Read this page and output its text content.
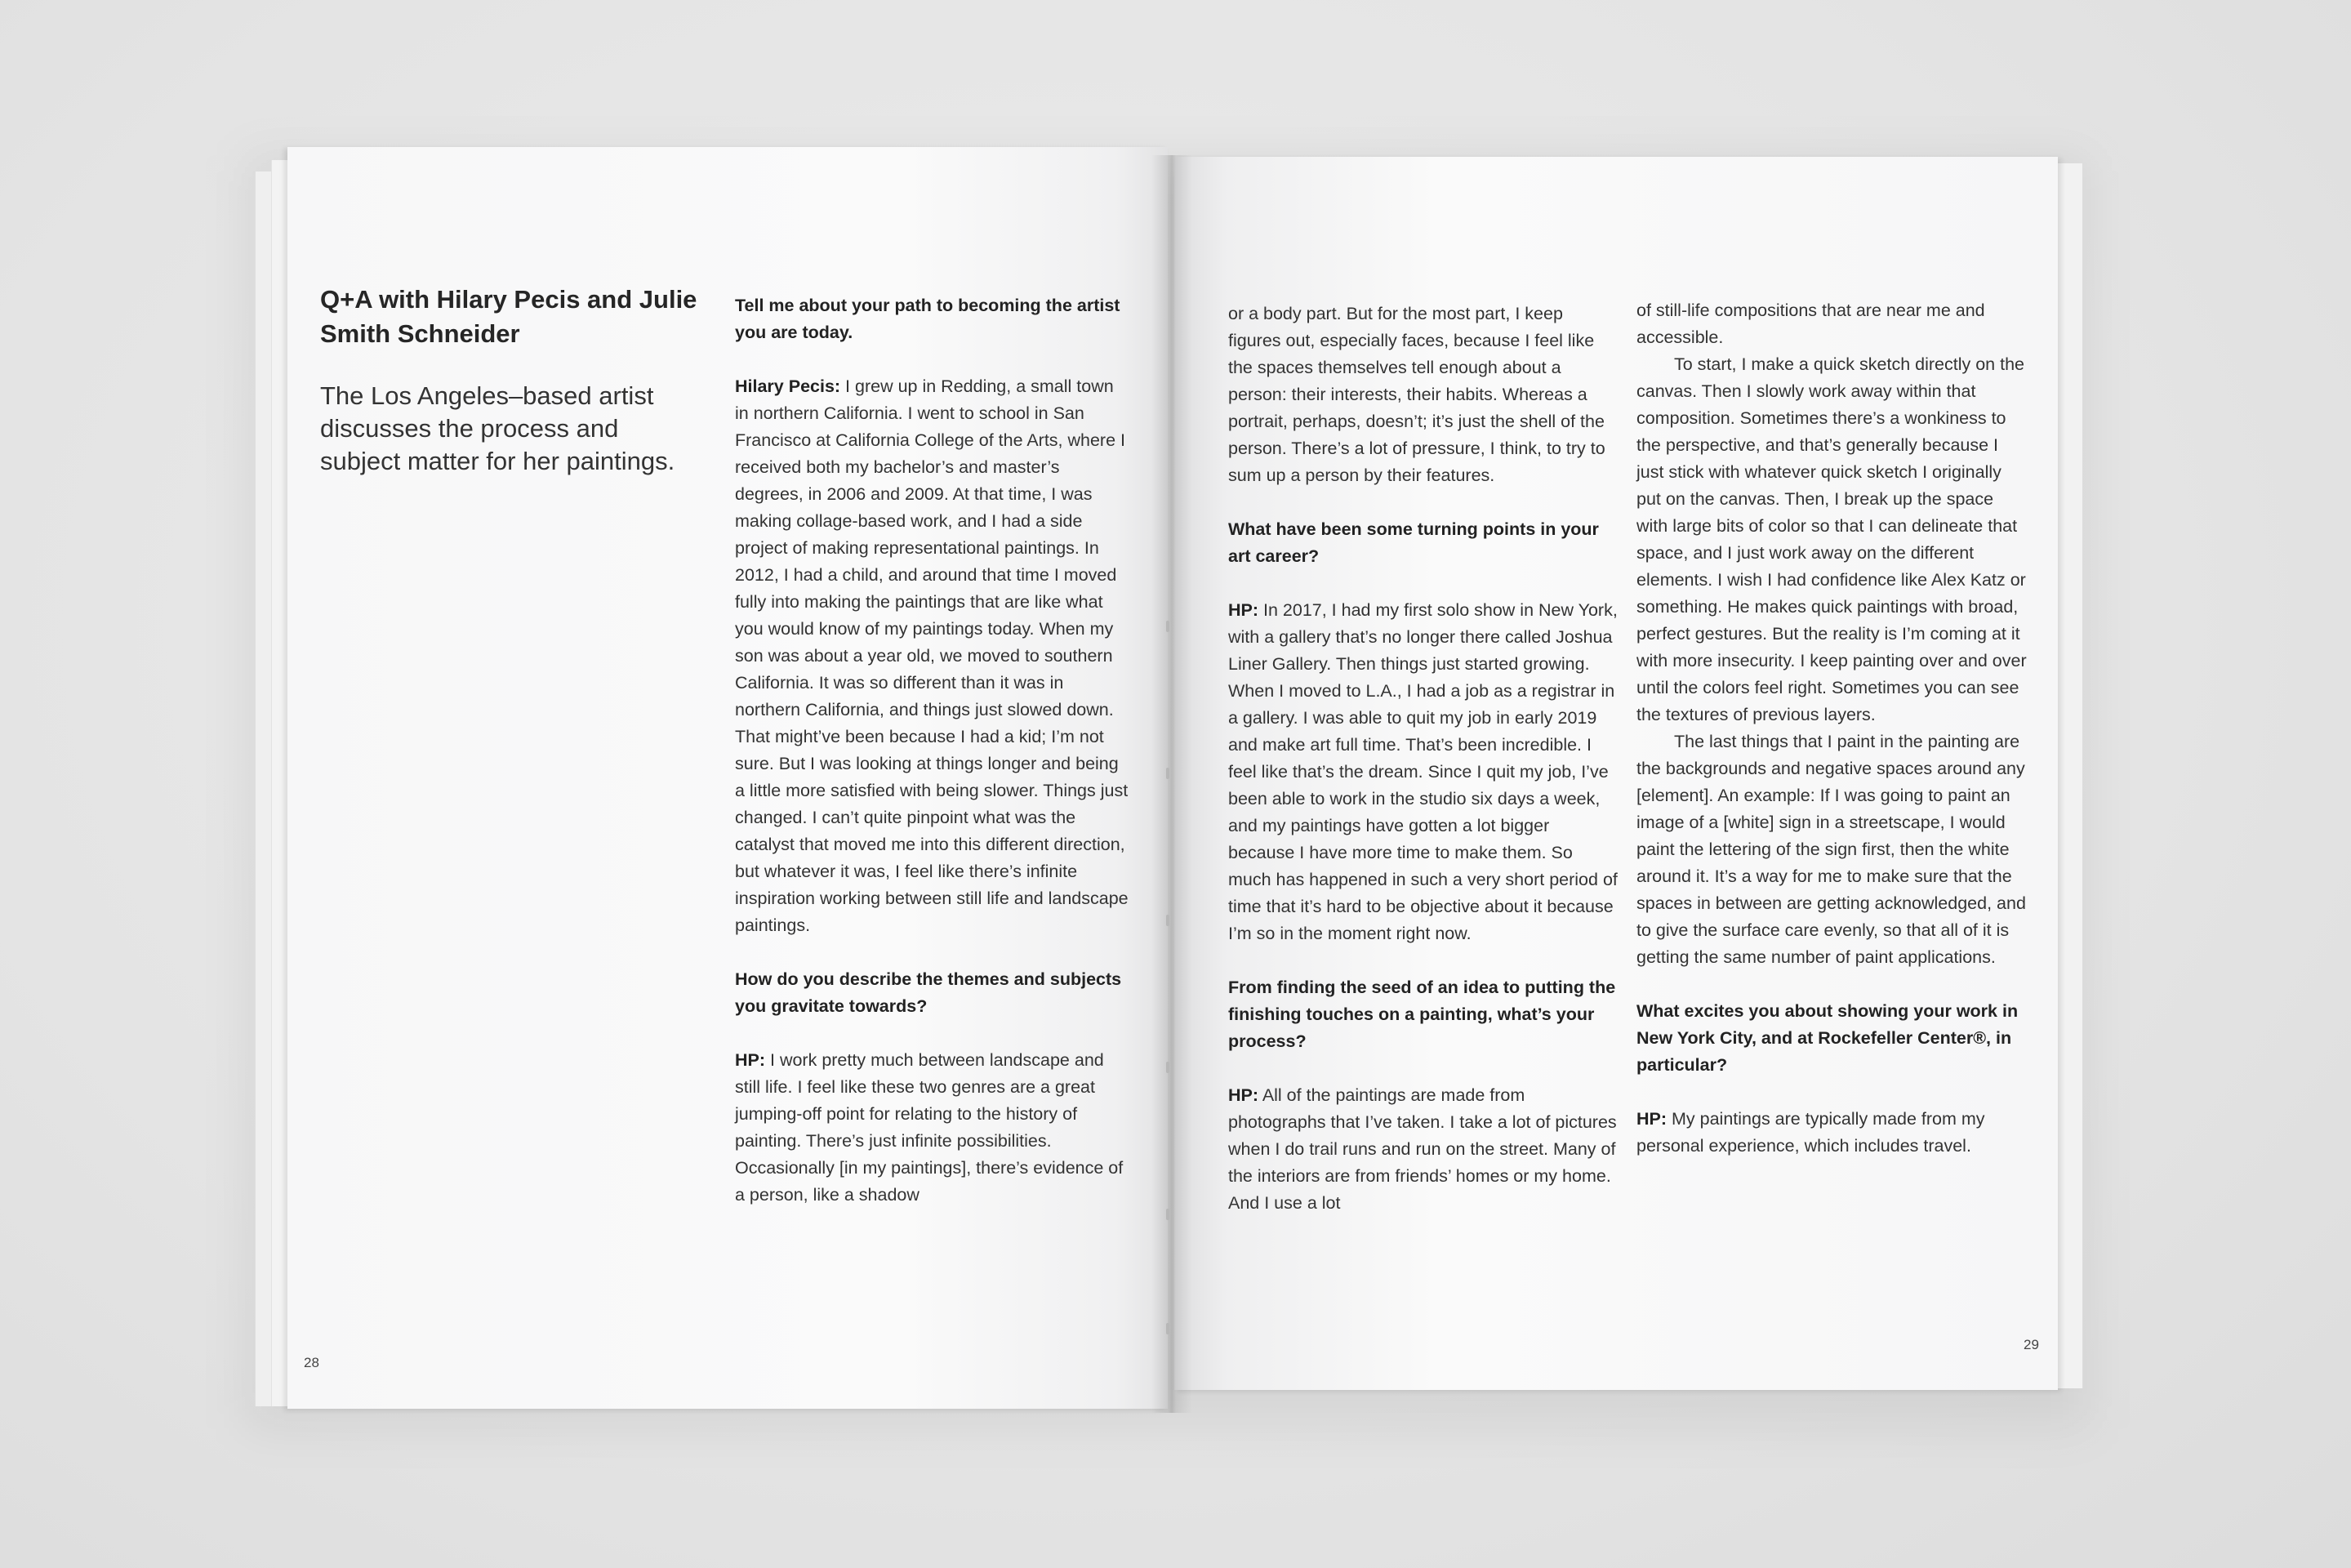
Q+A with Hilary Pecis and Julie Smith Schneider
The Los Angeles–based artist discusses the process and subject matter for her paintings.

Tell me about your path to becoming the artist you are today.

Hilary Pecis: I grew up in Redding, a small town in northern California. I went to school in San Francisco at California College of the Arts, where I received both my bachelor’s and master’s degrees, in 2006 and 2009. At that time, I was making collage-based work, and I had a side project of making representational paintings. In 2012, I had a child, and around that time I moved fully into making the paintings that are like what you would know of my paintings today. When my son was about a year old, we moved to southern California. It was so different than it was in northern California, and things just slowed down. That might’ve been because I had a kid; I’m not sure. But I was looking at things longer and being a little more satisfied with being slower. Things just changed. I can’t quite pinpoint what was the catalyst that moved me into this different direction, but whatever it was, I feel like there’s infinite inspiration working between still life and landscape paintings.

How do you describe the themes and subjects you gravitate towards?

HP: I work pretty much between landscape and still life. I feel like these two genres are a great jumping-off point for relating to the history of painting. There’s just infinite possibilities. Occasionally [in my paintings], there’s evidence of a person, like a shadow

28

or a body part. But for the most part, I keep figures out, especially faces, because I feel like the spaces themselves tell enough about a person: their interests, their habits. Whereas a portrait, perhaps, doesn’t; it’s just the shell of the person. There’s a lot of pressure, I think, to try to sum up a person by their features.

What have been some turning points in your art career?

HP: In 2017, I had my first solo show in New York, with a gallery that’s no longer there called Joshua Liner Gallery. Then things just started growing. When I moved to L.A., I had a job as a registrar in a gallery. I was able to quit my job in early 2019 and make art full time. That’s been incredible. I feel like that’s the dream. Since I quit my job, I’ve been able to work in the studio six days a week, and my paintings have gotten a lot bigger because I have more time to make them. So much has happened in such a very short period of time that it’s hard to be objective about it because I’m so in the moment right now.

From finding the seed of an idea to putting the finishing touches on a painting, what’s your process?

HP: All of the paintings are made from photographs that I’ve taken. I take a lot of pictures when I do trail runs and run on the street. Many of the interiors are from friends’ homes or my home. And I use a lot

of still-life compositions that are near me and accessible.

To start, I make a quick sketch directly on the canvas. Then I slowly work away within that composition. Sometimes there’s a wonkiness to the perspective, and that’s generally because I just stick with whatever quick sketch I originally put on the canvas. Then, I break up the space with large bits of color so that I can delineate that space, and I just work away on the different elements. I wish I had confidence like Alex Katz or something. He makes quick paintings with broad, perfect gestures. But the reality is I’m coming at it with more insecurity. I keep painting over and over until the colors feel right. Sometimes you can see the textures of previous layers.

The last things that I paint in the painting are the backgrounds and negative spaces around any [element]. An example: If I was going to paint an image of a [white] sign in a streetscape, I would paint the lettering of the sign first, then the white around it. It’s a way for me to make sure that the spaces in between are getting acknowledged, and to give the surface care evenly, so that all of it is getting the same number of paint applications.

What excites you about showing your work in New York City, and at Rockefeller Center®, in particular?

HP: My paintings are typically made from my personal experience, which includes travel.

29
